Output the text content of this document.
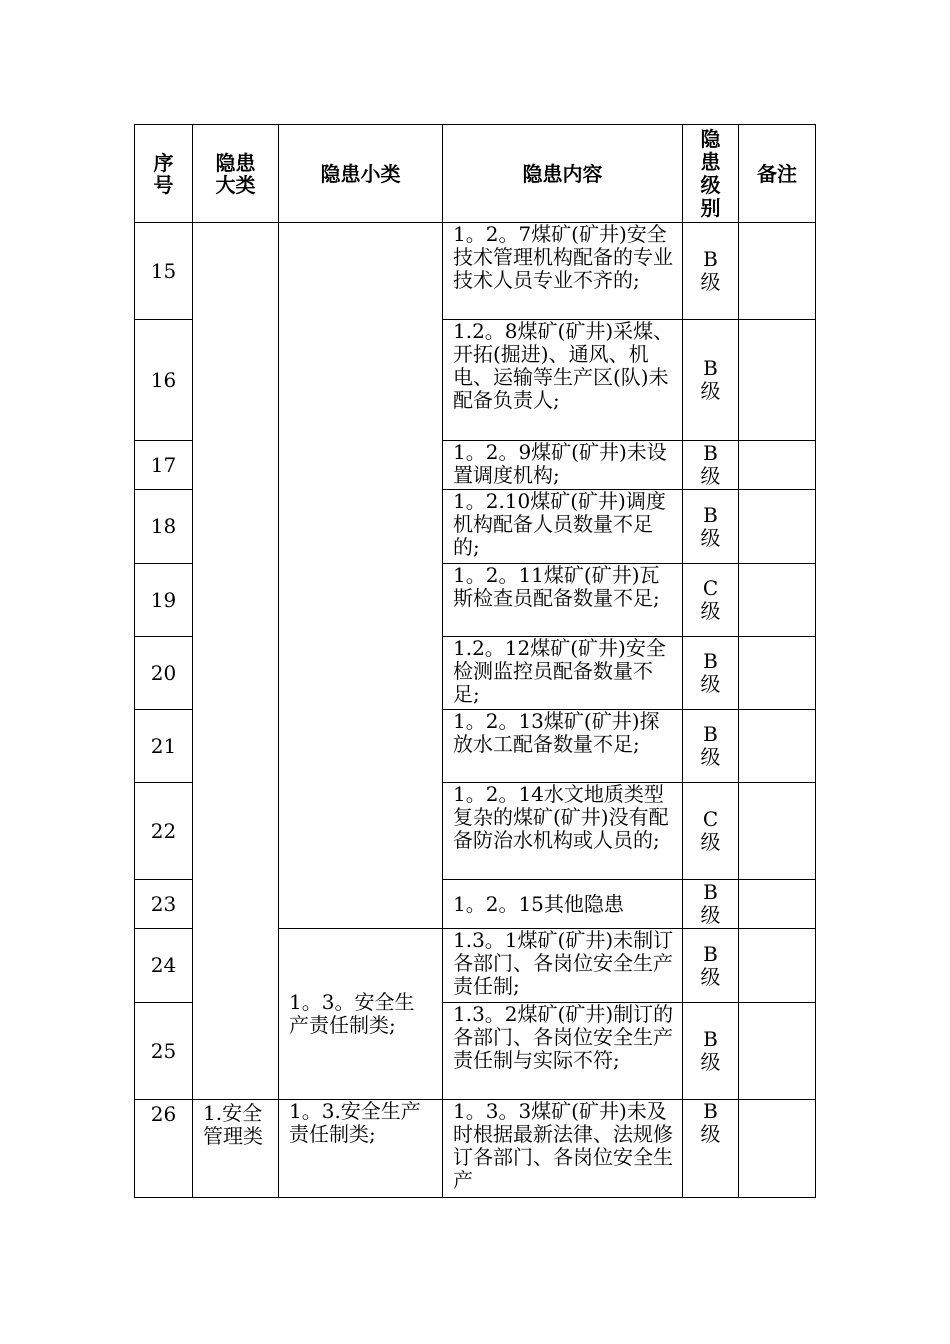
序号	隐患大类	隐患小类	隐患内容	隐患级别	备注

15			1。2。7煤矿(矿井)安全技术管理机构配备的专业技术人员专业不齐的;	B级	

16			1.2。8煤矿(矿井)采煤、开拓(掘进)、通风、机电、运输等生产区(队)未配备负责人;	B级	

17			1。2。9煤矿(矿井)未设置调度机构;	B级	

18			1。2.10煤矿(矿井)调度机构配备人员数量不足的;	B级	

19			1。2。11煤矿(矿井)瓦斯检查员配备数量不足;	C级	

20			1.2。12煤矿(矿井)安全检测监控员配备数量不足;	B级	

21			1。2。13煤矿(矿井)探放水工配备数量不足;	B级	

22			1。2。14水文地质类型复杂的煤矿(矿井)没有配备防治水机构或人员的;	C级	

23			1。2。15其他隐患	B级	

24		1。3。安全生产责任制类;	1.3。1煤矿(矿井)未制订各部门、各岗位安全生产责任制;	B级	

25			1.3。2煤矿(矿井)制订的各部门、各岗位安全生产责任制与实际不符;	B级	

26	1.安全管理类	1。3.安全生产责任制类;	1。3。3煤矿(矿井)未及时根据最新法律、法规修订各部门、各岗位安全生产	B级	
